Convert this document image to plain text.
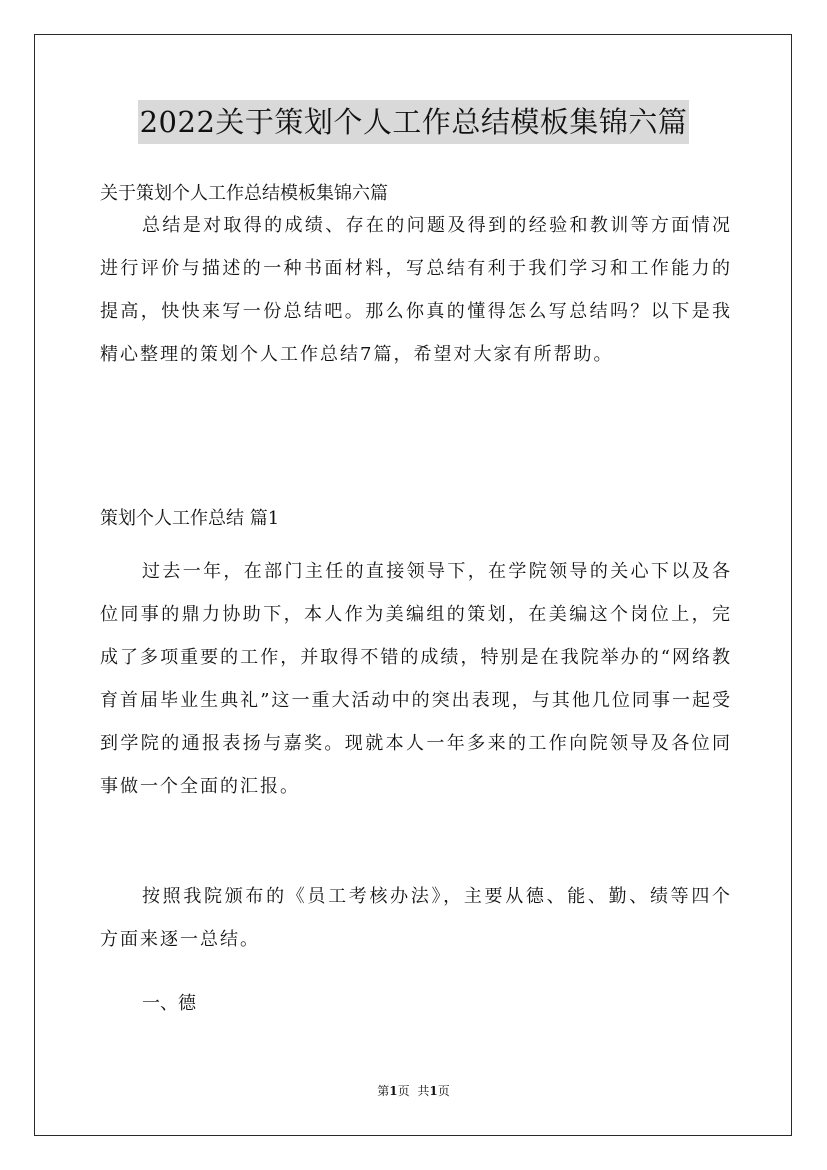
2022关于策划个人工作总结模板集锦六篇

关于策划个人工作总结模板集锦六篇

总结是对取得的成绩、存在的问题及得到的经验和教训等方面情况进行评价与描述的一种书面材料，写总结有利于我们学习和工作能力的提高，快快来写一份总结吧。那么你真的懂得怎么写总结吗？以下是我精心整理的策划个人工作总结7篇，希望对大家有所帮助。

策划个人工作总结 篇1

过去一年，在部门主任的直接领导下，在学院领导的关心下以及各位同事的鼎力协助下，本人作为美编组的策划，在美编这个岗位上，完成了多项重要的工作，并取得不错的成绩，特别是在我院举办的“网络教育首届毕业生典礼”这一重大活动中的突出表现，与其他几位同事一起受到学院的通报表扬与嘉奖。现就本人一年多来的工作向院领导及各位同事做一个全面的汇报。

按照我院颁布的《员工考核办法》，主要从德、能、勤、绩等四个方面来逐一总结。

一、德

第1页 共1页
